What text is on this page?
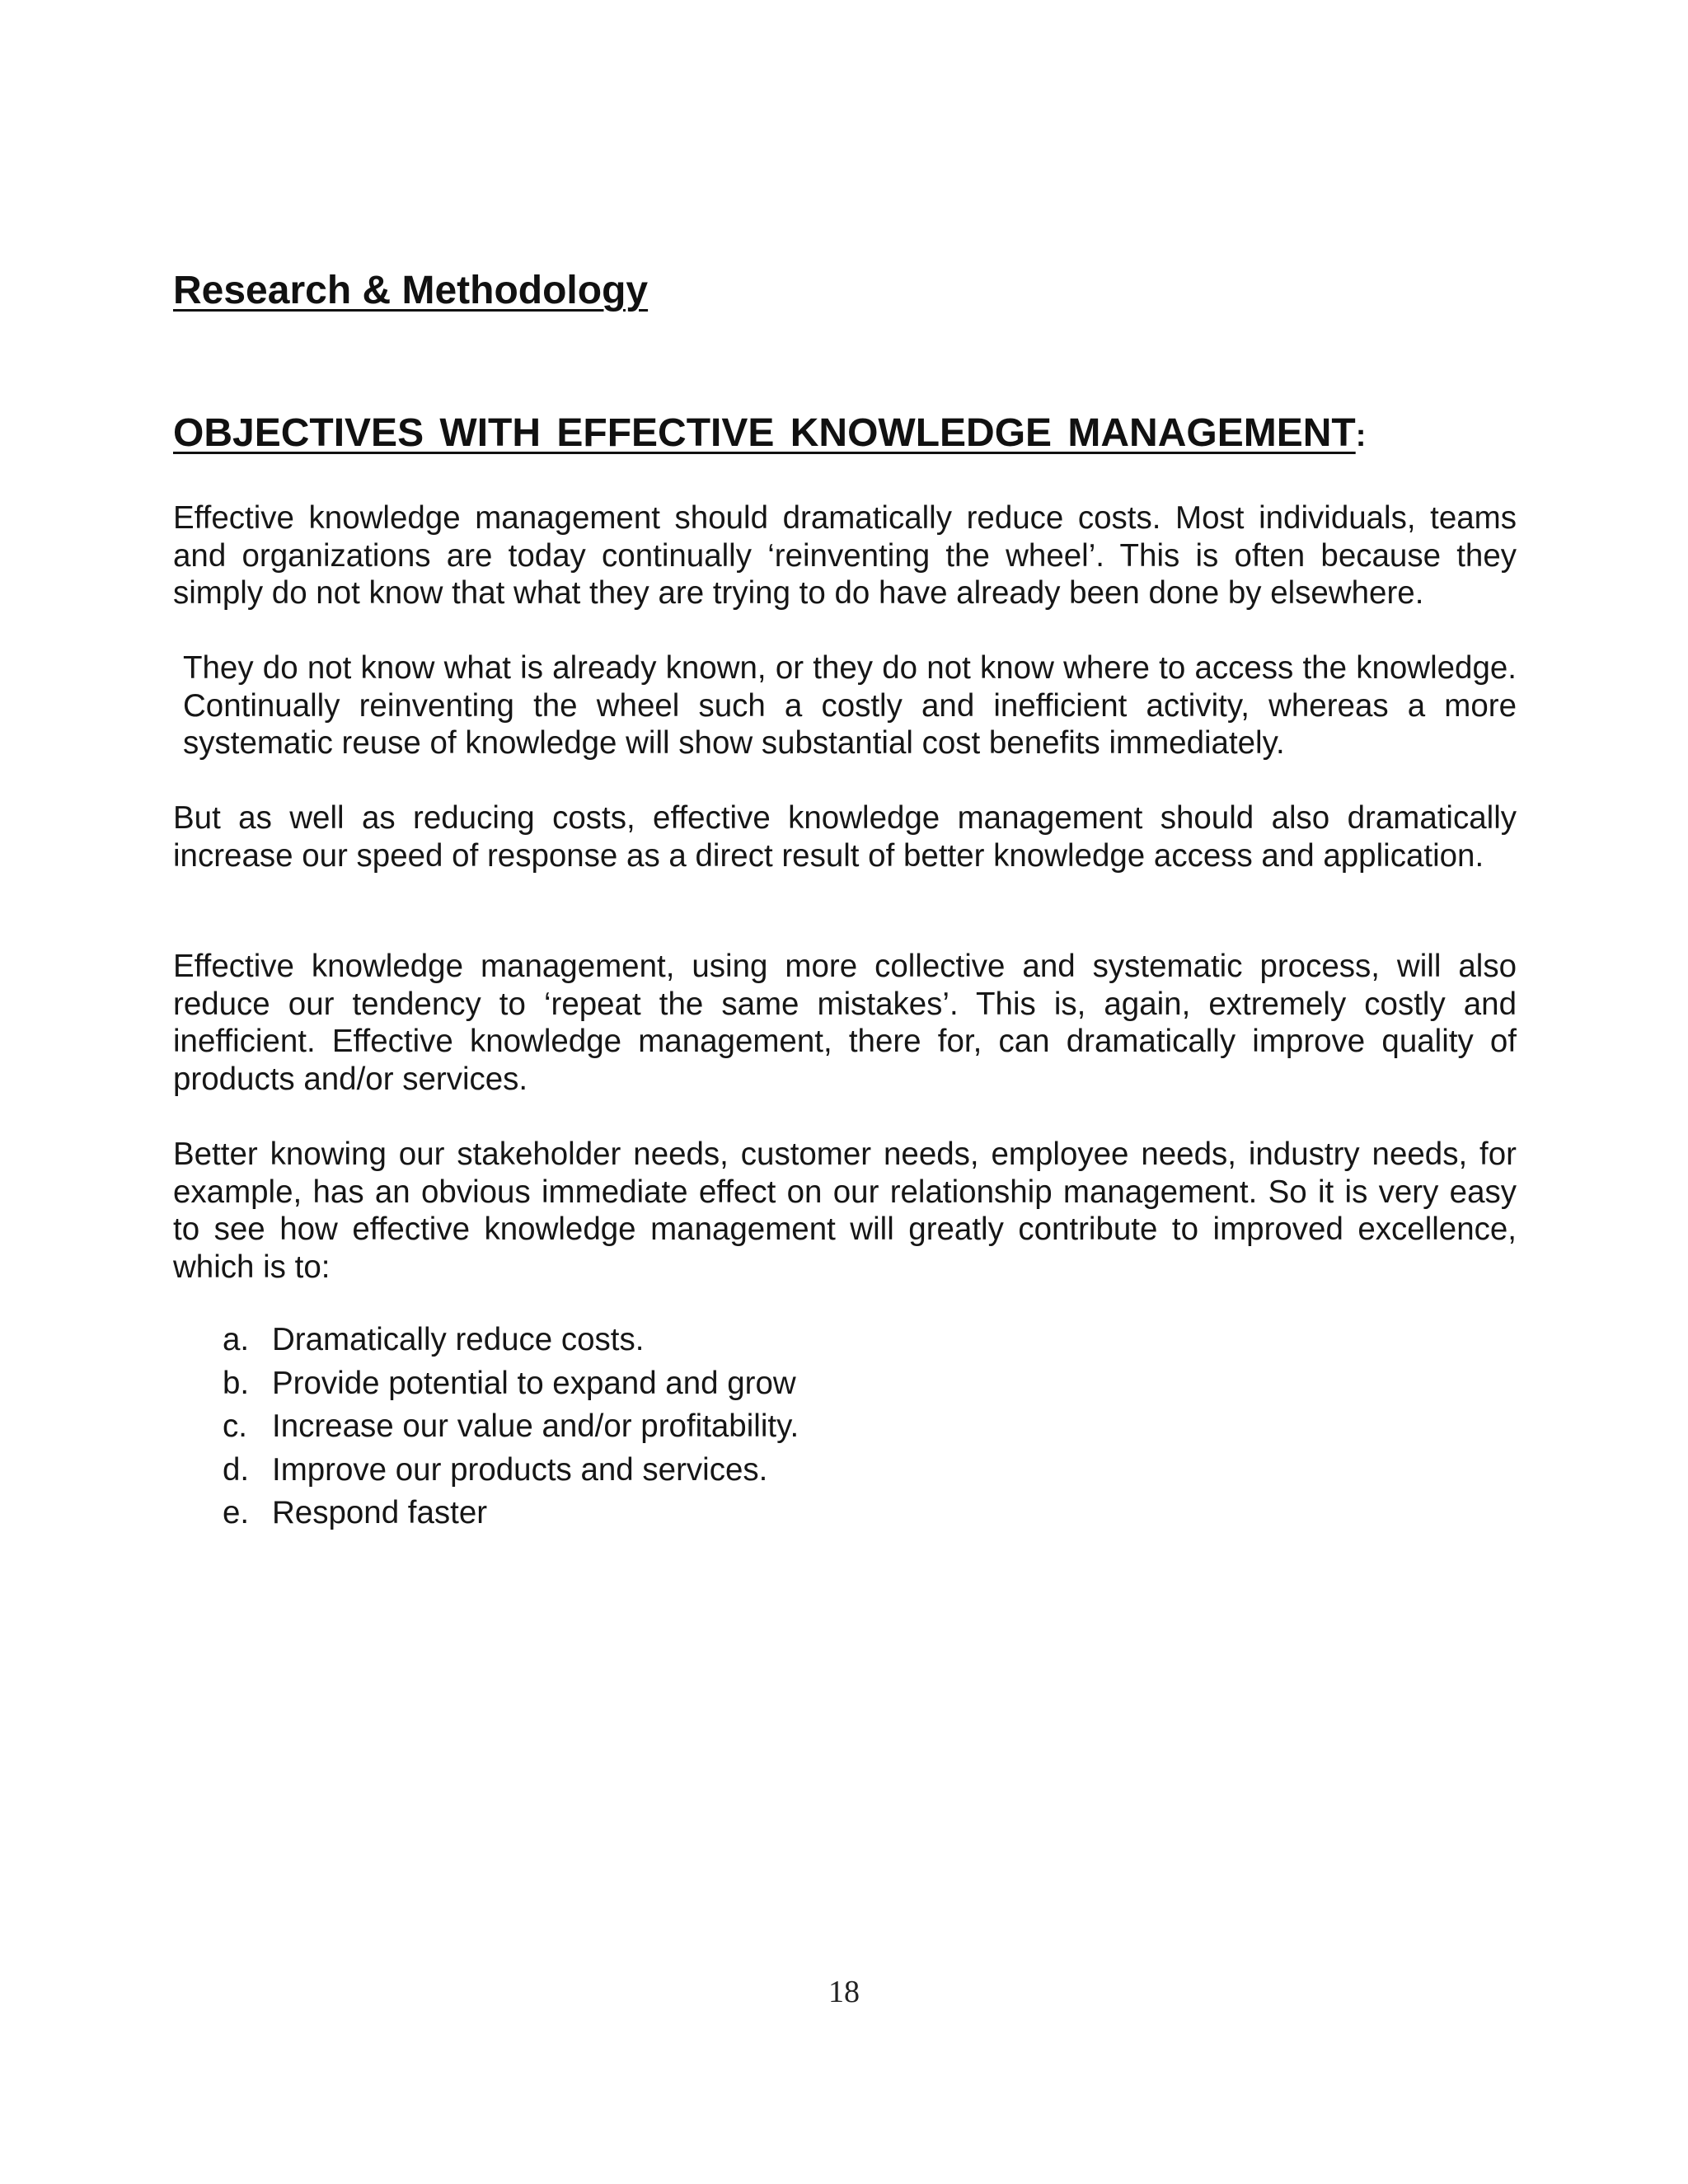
Research & Methodology
OBJECTIVES WITH EFFECTIVE KNOWLEDGE MANAGEMENT:

Effective knowledge management should dramatically reduce costs. Most individuals, teams and organizations are today continually ‘reinventing the wheel’. This is often because they simply do not know that what they are trying to do have already been done by elsewhere.

They do not know what is already known, or they do not know where to access the knowledge. Continually reinventing the wheel such a costly and inefficient activity, whereas a more systematic reuse of knowledge will show substantial cost benefits immediately.

But as well as reducing costs, effective knowledge management should also dramatically increase our speed of response as a direct result of better knowledge access and application.

Effective knowledge management, using more collective and systematic process, will also reduce our tendency to ‘repeat the same mistakes’. This is, again, extremely costly and inefficient. Effective knowledge management, there for, can dramatically improve quality of products and/or services.

Better knowing our stakeholder needs, customer needs, employee needs, industry needs, for example, has an obvious immediate effect on our relationship management. So it is very easy to see how effective knowledge management will greatly contribute to improved excellence, which is to:

a. Dramatically reduce costs.
b. Provide potential to expand and grow
c. Increase our value and/or profitability.
d. Improve our products and services.
e. Respond faster

18
